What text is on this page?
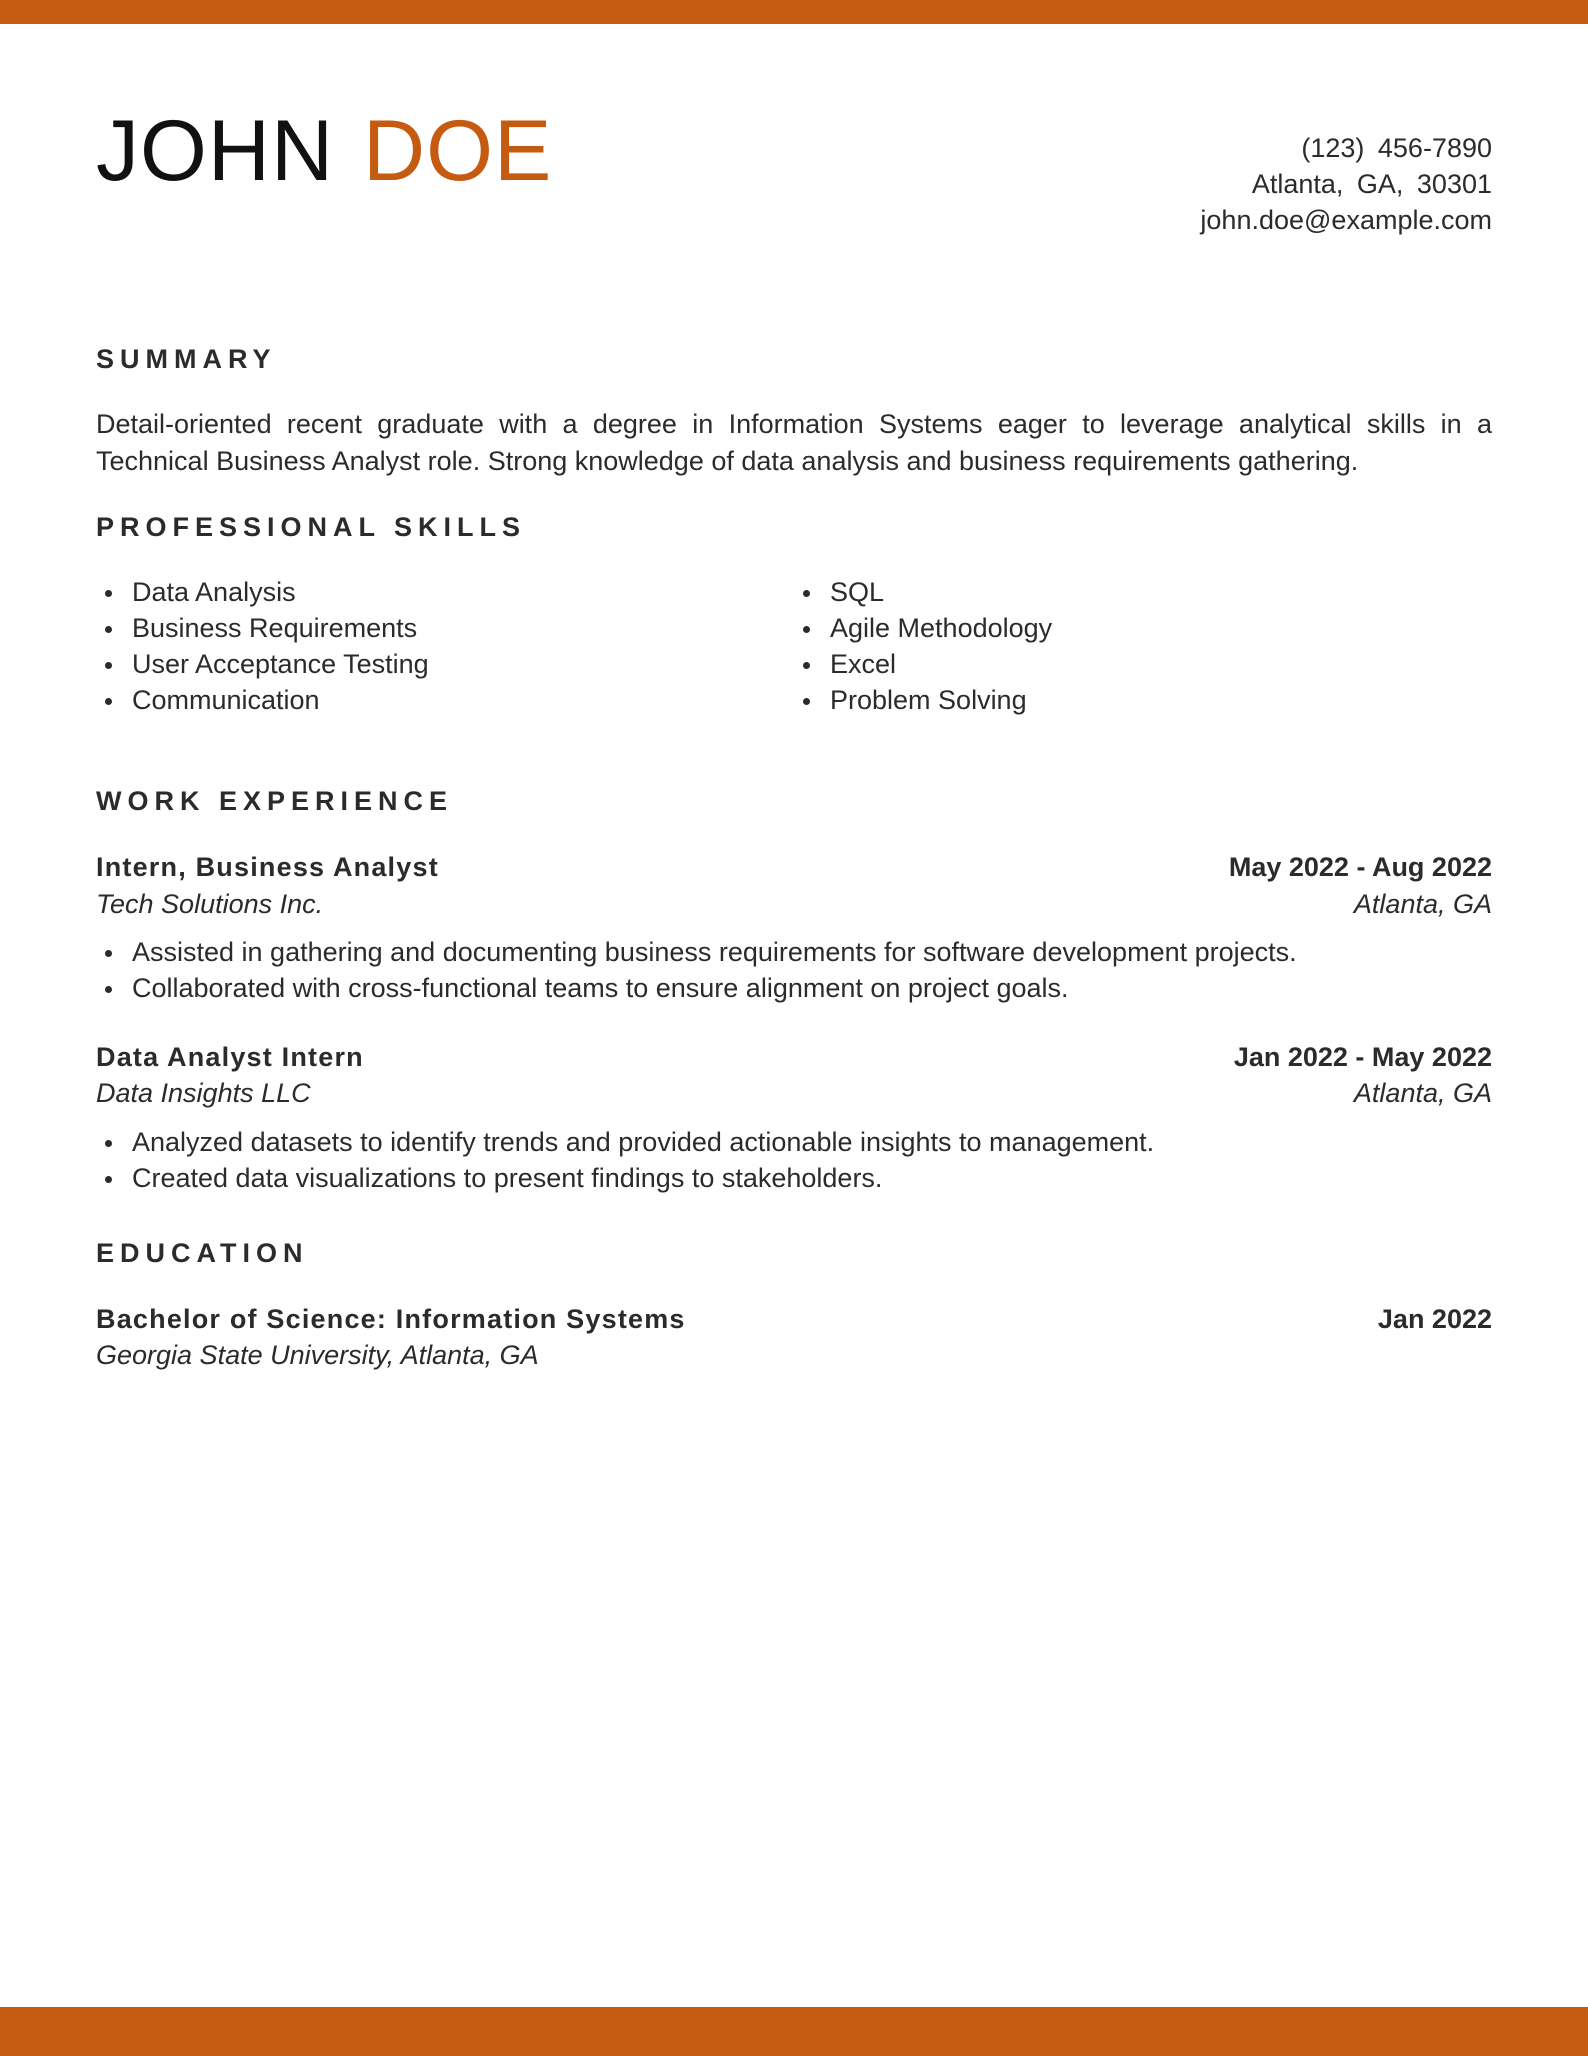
JOHN DOE	(123) 456-7890
Atlanta, GA, 30301
john.doe@example.com
SUMMARY
Detail-oriented recent graduate with a degree in Information Systems eager to leverage analytical skills in a Technical Business Analyst role. Strong knowledge of data analysis and business requirements gathering.
PROFESSIONAL SKILLS
Data Analysis
Business Requirements
User Acceptance Testing
Communication
SQL
Agile Methodology
Excel
Problem Solving
WORK EXPERIENCE
Intern, Business Analyst	May 2022 - Aug 2022
Tech Solutions Inc.	Atlanta, GA
Assisted in gathering and documenting business requirements for software development projects.
Collaborated with cross-functional teams to ensure alignment on project goals.
Data Analyst Intern	Jan 2022 - May 2022
Data Insights LLC	Atlanta, GA
Analyzed datasets to identify trends and provided actionable insights to management.
Created data visualizations to present findings to stakeholders.
EDUCATION
Bachelor of Science: Information Systems	Jan 2022
Georgia State University, Atlanta, GA
